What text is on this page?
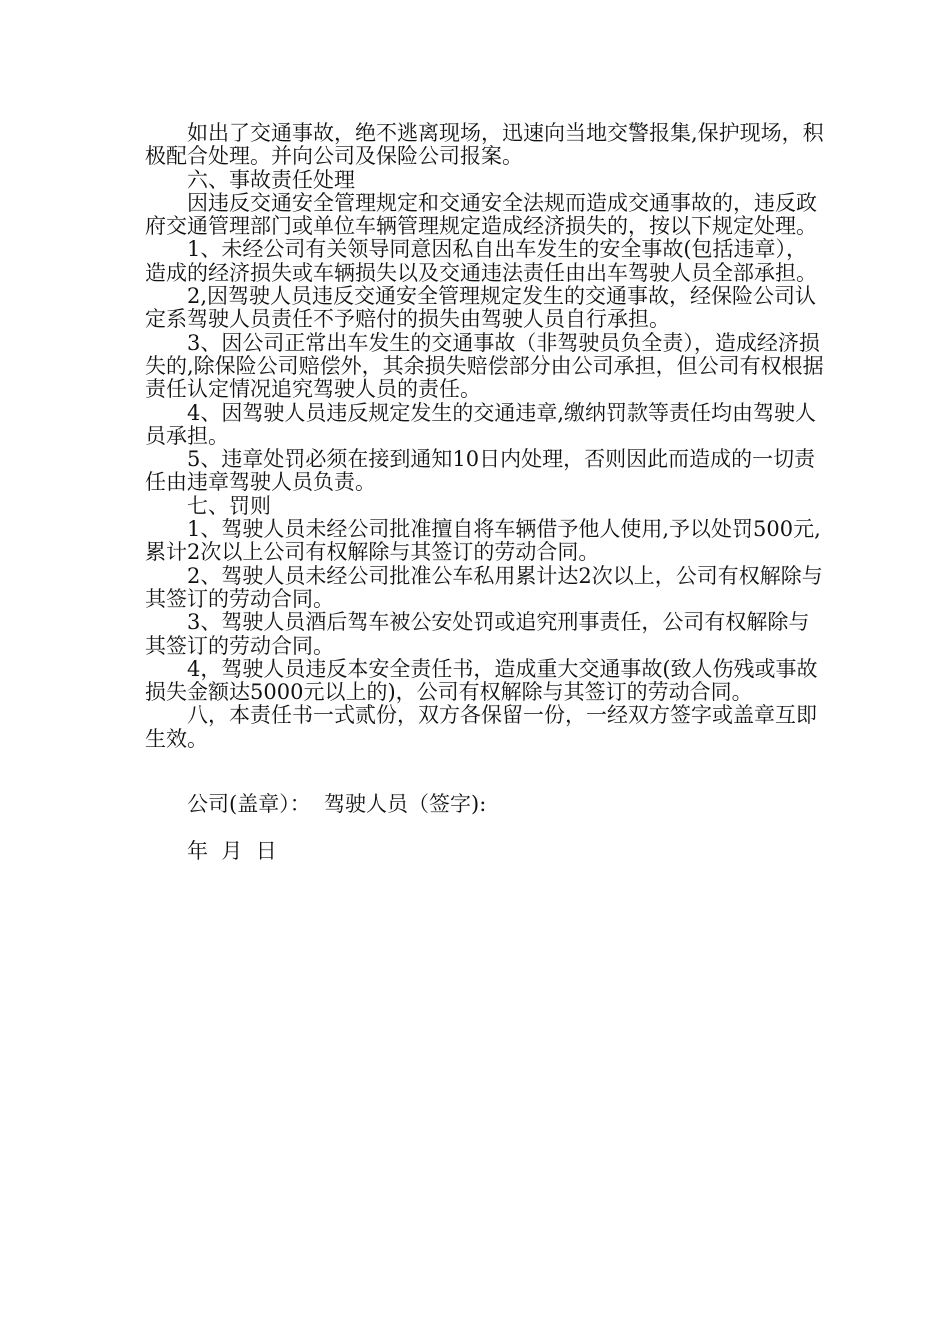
如出了交通事故，绝不逃离现场，迅速向当地交警报集,保护现场，积极配合处理。并向公司及保险公司报案。

六、事故责任处理

因违反交通安全管理规定和交通安全法规而造成交通事故的，违反政府交通管理部门或单位车辆管理规定造成经济损失的，按以下规定处理。

1、未经公司有关领导同意因私自出车发生的安全事故(包括违章），造成的经济损失或车辆损失以及交通违法责任由出车驾驶人员全部承担。

2,因驾驶人员违反交通安全管理规定发生的交通事故，经保险公司认定系驾驶人员责任不予赔付的损失由驾驶人员自行承担。

3、因公司正常出车发生的交通事故（非驾驶员负全责），造成经济损失的,除保险公司赔偿外，其余损失赔偿部分由公司承担，但公司有权根据责任认定情况追究驾驶人员的责任。

4、因驾驶人员违反规定发生的交通违章,缴纳罚款等责任均由驾驶人员承担。

5、违章处罚必须在接到通知10日内处理，否则因此而造成的一切责任由违章驾驶人员负责。

七、罚则

1、驾驶人员未经公司批准擅自将车辆借予他人使用,予以处罚500元,累计2次以上公司有权解除与其签订的劳动合同。

2、驾驶人员未经公司批准公车私用累计达2次以上，公司有权解除与其签订的劳动合同。

3、驾驶人员酒后驾车被公安处罚或追究刑事责任，公司有权解除与其签订的劳动合同。

4，驾驶人员违反本安全责任书，造成重大交通事故(致人伤残或事故损失金额达5000元以上的)，公司有权解除与其签订的劳动合同。

八，本责任书一式贰份，双方各保留一份，一经双方签字或盖章互即生效。

公司(盖章）：  驾驶人员（签字):

年  月  日
